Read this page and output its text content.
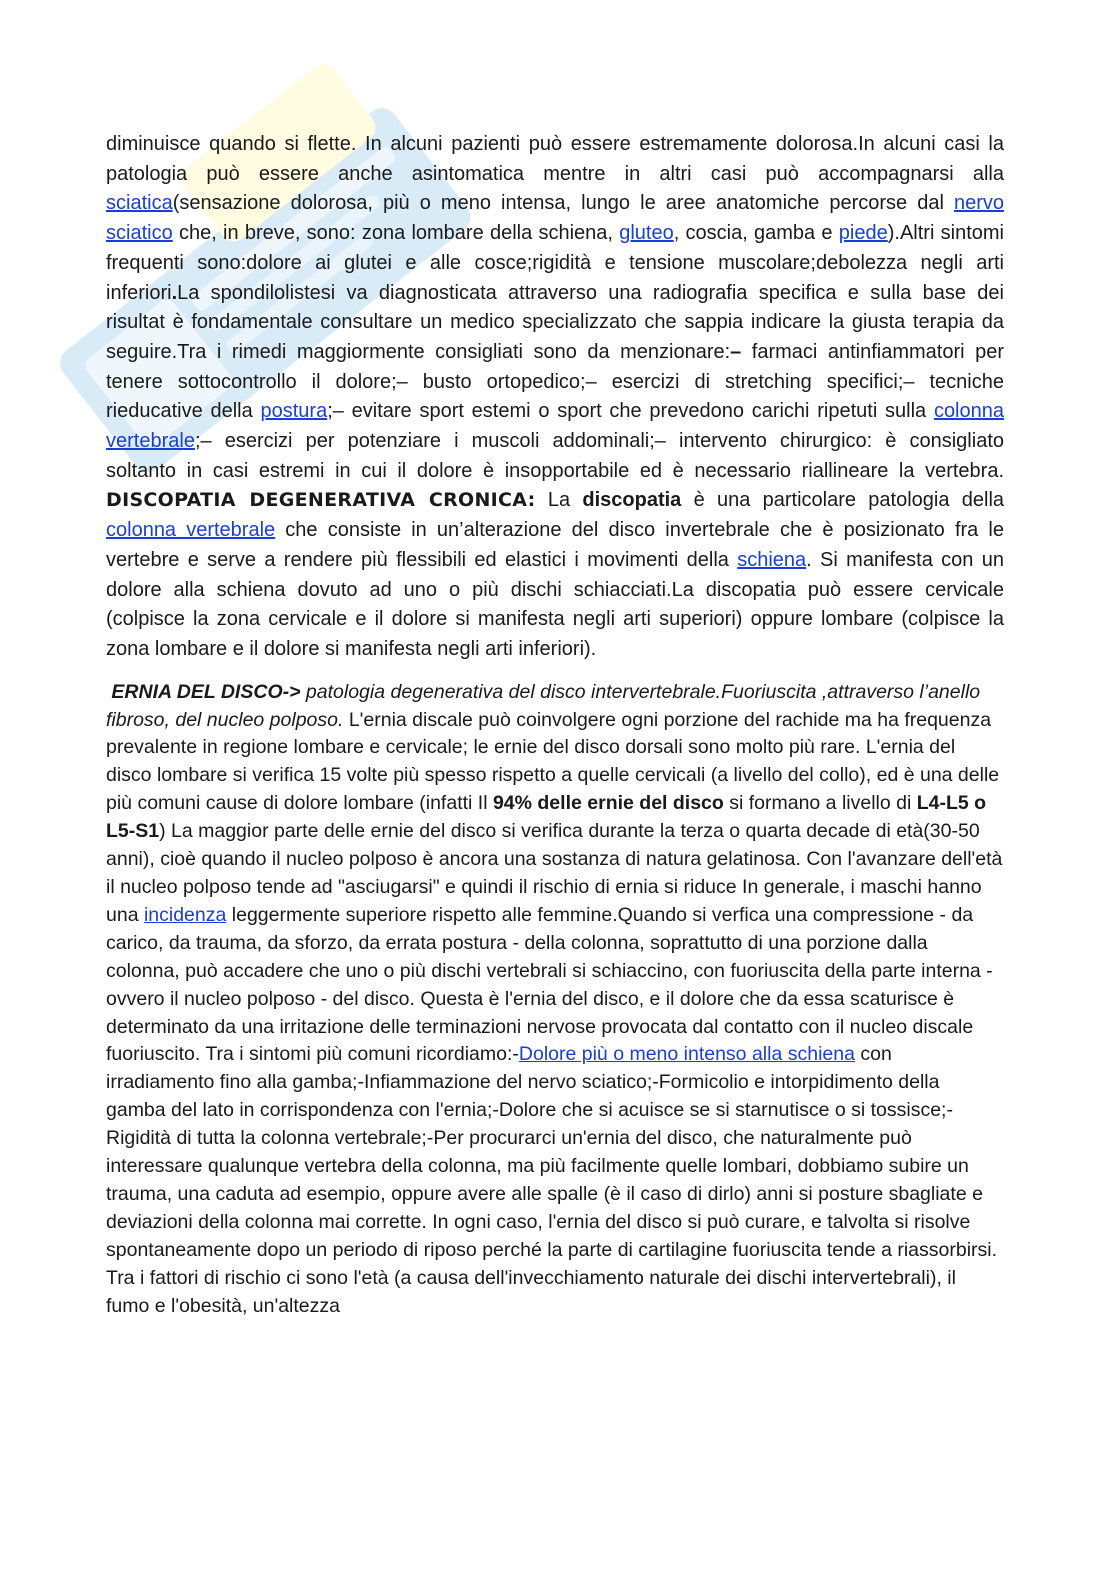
diminuisce quando si flette. In alcuni pazienti può essere estremamente dolorosa.In alcuni casi la patologia può essere anche asintomatica mentre in altri casi può accompagnarsi alla sciatica(sensazione dolorosa, più o meno intensa, lungo le aree anatomiche percorse dal nervo sciatico che, in breve, sono: zona lombare della schiena, gluteo, coscia, gamba e piede).Altri sintomi frequenti sono:dolore ai glutei e alle cosce;rigidità e tensione muscolare;debolezza negli arti inferiori.La spondilolistesi va diagnosticata attraverso una radiografia specifica e sulla base dei risultat è fondamentale consultare un medico specializzato che sappia indicare la giusta terapia da seguire.Tra i rimedi maggiormente consigliati sono da menzionare:– farmaci antinfiammatori per tenere sottocontrollo il dolore;– busto ortopedico;– esercizi di stretching specifici;– tecniche rieducative della postura;– evitare sport estemi o sport che prevedono carichi ripetuti sulla colonna vertebrale;– esercizi per potenziare i muscoli addominali;– intervento chirurgico: è consigliato soltanto in casi estremi in cui il dolore è insopportabile ed è necessario riallineare la vertebra. DISCOPATIA DEGENERATIVA CRONICA: La discopatia è una particolare patologia della colonna vertebrale che consiste in un’alterazione del disco invertebrale che è posizionato fra le vertebre e serve a rendere più flessibili ed elastici i movimenti della schiena. Si manifesta con un dolore alla schiena dovuto ad uno o più dischi schiacciati.La discopatia può essere cervicale (colpisce la zona cervicale e il dolore si manifesta negli arti superiori) oppure lombare (colpisce la zona lombare e il dolore si manifesta negli arti inferiori).

ERNIA DEL DISCO-> patologia degenerativa del disco intervertebrale.Fuoriuscita ,attraverso l’anello fibroso, del nucleo polposo. L'ernia discale può coinvolgere ogni porzione del rachide ma ha frequenza prevalente in regione lombare e cervicale; le ernie del disco dorsali sono molto più rare. L'ernia del disco lombare si verifica 15 volte più spesso rispetto a quelle cervicali (a livello del collo), ed è una delle più comuni cause di dolore lombare (infatti Il 94% delle ernie del disco si formano a livello di L4-L5 o L5-S1) La maggior parte delle ernie del disco si verifica durante la terza o quarta decade di età(30-50 anni), cioè quando il nucleo polposo è ancora una sostanza di natura gelatinosa. Con l'avanzare dell'età il nucleo polposo tende ad "asciugarsi" e quindi il rischio di ernia si riduce In generale, i maschi hanno una incidenza leggermente superiore rispetto alle femmine.Quando si verfica una compressione - da carico, da trauma, da sforzo, da errata postura - della colonna, soprattutto di una porzione dalla colonna, può accadere che uno o più dischi vertebrali si schiaccino, con fuoriuscita della parte interna - ovvero il nucleo polposo - del disco. Questa è l'ernia del disco, e il dolore che da essa scaturisce è determinato da una irritazione delle terminazioni nervose provocata dal contatto con il nucleo discale fuoriuscito. Tra i sintomi più comuni ricordiamo:-Dolore più o meno intenso alla schiena con irradiamento fino alla gamba;-Infiammazione del nervo sciatico;-Formicolio e intorpidimento della gamba del lato in corrispondenza con l'ernia;-Dolore che si acuisce se si starnutisce o si tossisce;-Rigidità di tutta la colonna vertebrale;-Per procurarci un'ernia del disco, che naturalmente può interessare qualunque vertebra della colonna, ma più facilmente quelle lombari, dobbiamo subire un trauma, una caduta ad esempio, oppure avere alle spalle (è il caso di dirlo) anni si posture sbagliate e deviazioni della colonna mai corrette. In ogni caso, l'ernia del disco si può curare, e talvolta si risolve spontaneamente dopo un periodo di riposo perché la parte di cartilagine fuoriuscita tende a riassorbirsi. Tra i fattori di rischio ci sono l'età (a causa dell'invecchiamento naturale dei dischi intervertebrali), il fumo e l'obesità, un'altezza
